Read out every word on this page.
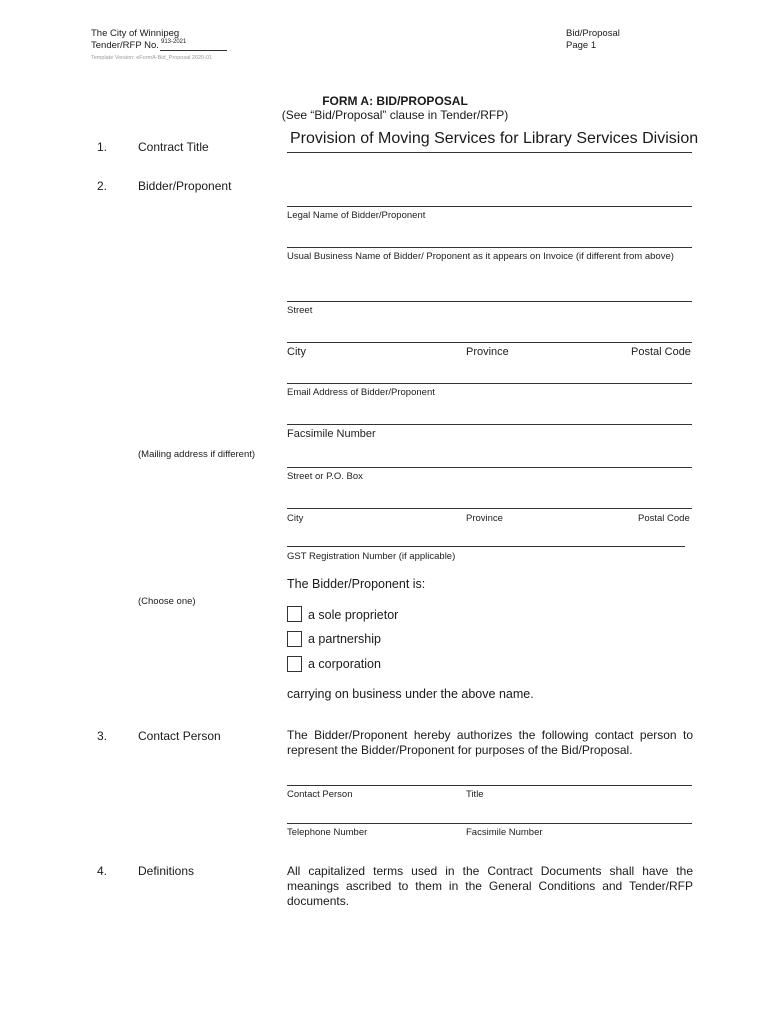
The City of Winnipeg
Tender/RFP No. 913-2021
Template Version: eFormA-Bid_Proposal 2020-01
Bid/Proposal
Page 1
FORM A: BID/PROPOSAL
(See “Bid/Proposal” clause in Tender/RFP)
1.	Contract Title	Provision of Moving Services for Library Services Division
2.	Bidder/Proponent
Legal Name of Bidder/Proponent
Usual Business Name of Bidder/ Proponent as it appears on Invoice (if different from above)
Street
City	Province	Postal Code
Email Address of Bidder/Proponent
Facsimile Number
(Mailing address if different)
Street or P.O. Box
City	Province	Postal Code
GST Registration Number (if applicable)
The Bidder/Proponent is:
(Choose one)
a sole proprietor
a partnership
a corporation
carrying on business under the above name.
3.	Contact Person	The Bidder/Proponent hereby authorizes the following contact person to represent the Bidder/Proponent for purposes of the Bid/Proposal.
Contact Person	Title
Telephone Number	Facsimile Number
4.	Definitions	All capitalized terms used in the Contract Documents shall have the meanings ascribed to them in the General Conditions and Tender/RFP documents.
